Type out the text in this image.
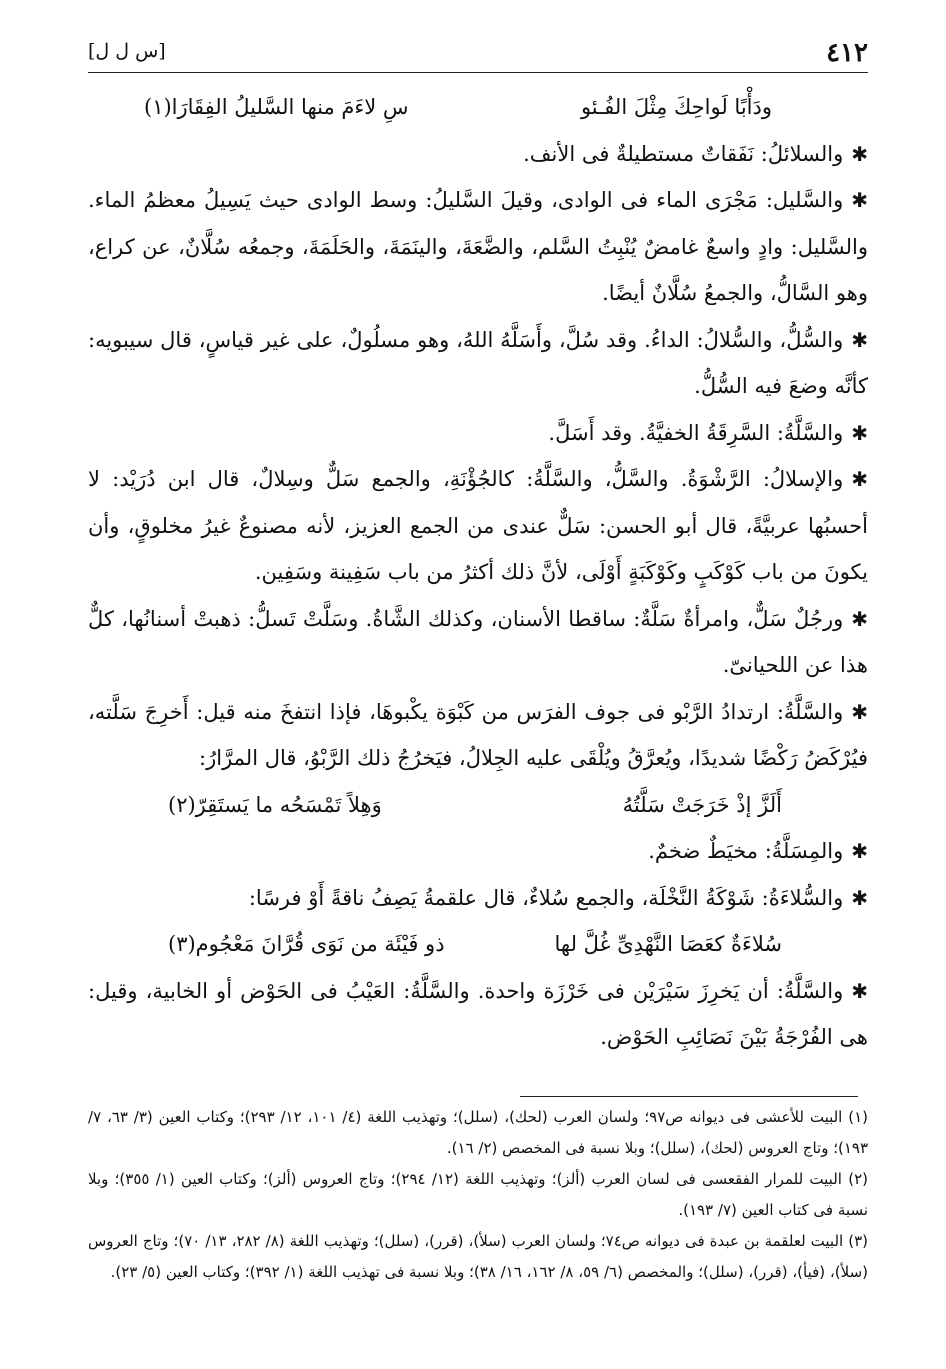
٤١٢
[س ل ل]
ودَأْبًا لَواحِكَ مِثْلَ الفُـئو
سِ لاءَمَ منها السَّليلُ الفِقَارَا(١)

✱والسلائلُ: نَفَقاتٌ مستطيلةٌ فى الأنف.

✱والسَّليل: مَجْرَى الماء فى الوادى، وقيلَ السَّليلُ: وسط الوادى حيث يَسِيلُ معظمُ الماء. والسَّليل: وادٍ واسعٌ غامضٌ يُنْبِتُ السَّلم، والضَّعَةَ، والينَمَةَ، والحَلَمَةَ، وجمعُه سُلَّانٌ، عن كراع، وهو السَّالُّ، والجمعُ سُلَّانٌ أيضًا.

✱والسُّلُّ، والسُّلالُ: الداءُ. وقد سُلَّ، وأَسَلَّهُ اللهُ، وهو مسلُولٌ، على غير قياسٍ، قال سيبويه: كأنَّه وضعَ فيه السُّلُّ.

✱والسَّلَّةُ: السَّرِقَةُ الخفيَّةُ. وقد أَسَلَّ.

✱والإسلالُ: الرَّشْوَةُ. والسَّلُّ، والسَّلَّةُ: كالجُؤْنَةِ، والجمع سَلٌّ وسِلالٌ، قال ابن دُرَيْد: لا أحسبُها عربيَّةً، قال أبو الحسن: سَلٌّ عندى من الجمع العزيز، لأنه مصنوعٌ غيرُ مخلوقٍ، وأن يكونَ من باب كَوْكَبٍ وكَوْكَبَةٍ أَوْلَى، لأنَّ ذلك أكثرُ من باب سَفِينة وسَفِين.

✱ورجُلٌ سَلٌّ، وامرأةٌ سَلَّةٌ: ساقطا الأسنان، وكذلك الشَّاةُ. وسَلَّتْ تَسلُّ: ذهبتْ أسنانُها، كلٌّ هذا عن اللحيانىّ.

✱والسَّلَّةُ: ارتدادُ الرَّبْو فى جوف الفرَس من كَبْوَة يكْبوهَا، فإذا انتفخَ منه قيل: أَخرِجَ سَلَّته، فيُرْكَضُ رَكْضًا شديدًا، ويُعرَّقُ ويُلْقَى عليه الجِلالُ، فيَخرُجُ ذلك الرَّبْوُ، قال المرَّارُ:

أَلَزَّ إذْ خَرَجَتْ سَلَّتُهُ
وَهِلاً تَمْسَحُه ما يَستَقِرّ(٢)

✱والمِسَلَّةُ: مخيَطٌ ضخمٌ.

✱والسُّلاءَةُ: شَوْكَةُ النَّخْلَة، والجمع سُلاءٌ، قال علقمةُ يَصِفُ ناقةً أَوْ فرسًا:

سُلاءَةٌ كعَصَا النَّهْدِىِّ غُلَّ لها
ذو فَيْئَة من نَوَى قُرَّانَ مَعْجُوم(٣)

✱والسَّلَّةُ: أن يَخرِزَ سَيْرَيْن فى خَرْزَة واحدة. والسَّلَّةُ: العَيْبُ فى الحَوْض أو الخابية، وقيل: هى الفُرْجَةُ بَيْنَ نَصَائِبِ الحَوْض.

(١) البيت للأعشى فى ديوانه ص٩٧؛ ولسان العرب (لحك)، (سلل)؛ وتهذيب اللغة (٤/ ١٠١، ١٢/ ٢٩٣)؛ وكتاب العين (٣/ ٦٣، ٧/ ١٩٣)؛ وتاج العروس (لحك)، (سلل)؛ وبلا نسبة فى المخصص (٢/ ١٦).

(٢) البيت للمرار الفقعسى فى لسان العرب (ألز)؛ وتهذيب اللغة (١٢/ ٢٩٤)؛ وتاج العروس (ألز)؛ وكتاب العين (١/ ٣٥٥)؛ وبلا نسبة فى كتاب العين (٧/ ١٩٣).

(٣) البيت لعلقمة بن عبدة فى ديوانه ص٧٤؛ ولسان العرب (سلأ)، (قرر)، (سلل)؛ وتهذيب اللغة (٨/ ٢٨٢، ١٣/ ٧٠)؛ وتاج العروس (سلأ)، (فيأ)، (قرر)، (سلل)؛ والمخصص (٦/ ٥٩، ٨/ ١٦٢، ١٦/ ٣٨)؛ وبلا نسبة فى تهذيب اللغة (١/ ٣٩٢)؛ وكتاب العين (٥/ ٢٣).
